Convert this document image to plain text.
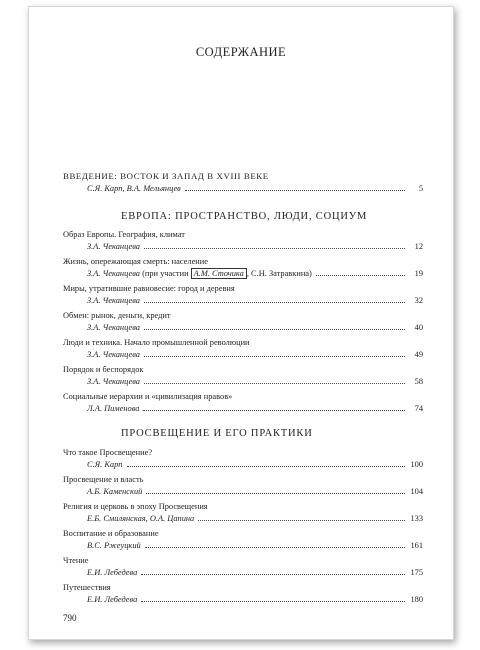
СОДЕРЖАНИЕ
ВВЕДЕНИЕ: ВОСТОК И ЗАПАД В XVIII ВЕКЕ
С.Я. Карп, В.А. Мельянцев	5
ЕВРОПА: ПРОСТРАНСТВО, ЛЮДИ, СОЦИУМ
Образ Европы. География, климат
З.А. Чеканцева	12
Жизнь, опережающая смерть: население
З.А. Чеканцева (при участии А.М. Сточика , С.Н. Затравкина)	19
Миры, утратившие равновесие: город и деревня
З.А. Чеканцева	32
Обмен: рынок, деньги, кредит
З.А. Чеканцева	40
Люди и техника. Начало промышленной революции
З.А. Чеканцева	49
Порядок и беспорядок
З.А. Чеканцева	58
Социальные иерархии и «цивилизация нравов»
Л.А. Пименова	74
ПРОСВЕЩЕНИЕ И ЕГО ПРАКТИКИ
Что такое Просвещение?
С.Я. Карп	100
Просвещение и власть
А.Б. Каменский	104
Религия и церковь в эпоху Просвещения
Е.Б. Смилянская, О.А. Цапина	133
Воспитание и образование
В.С. Ржеуцкий	161
Чтение
Е.И. Лебедева	175
Путешествия
Е.И. Лебедева	180
790
